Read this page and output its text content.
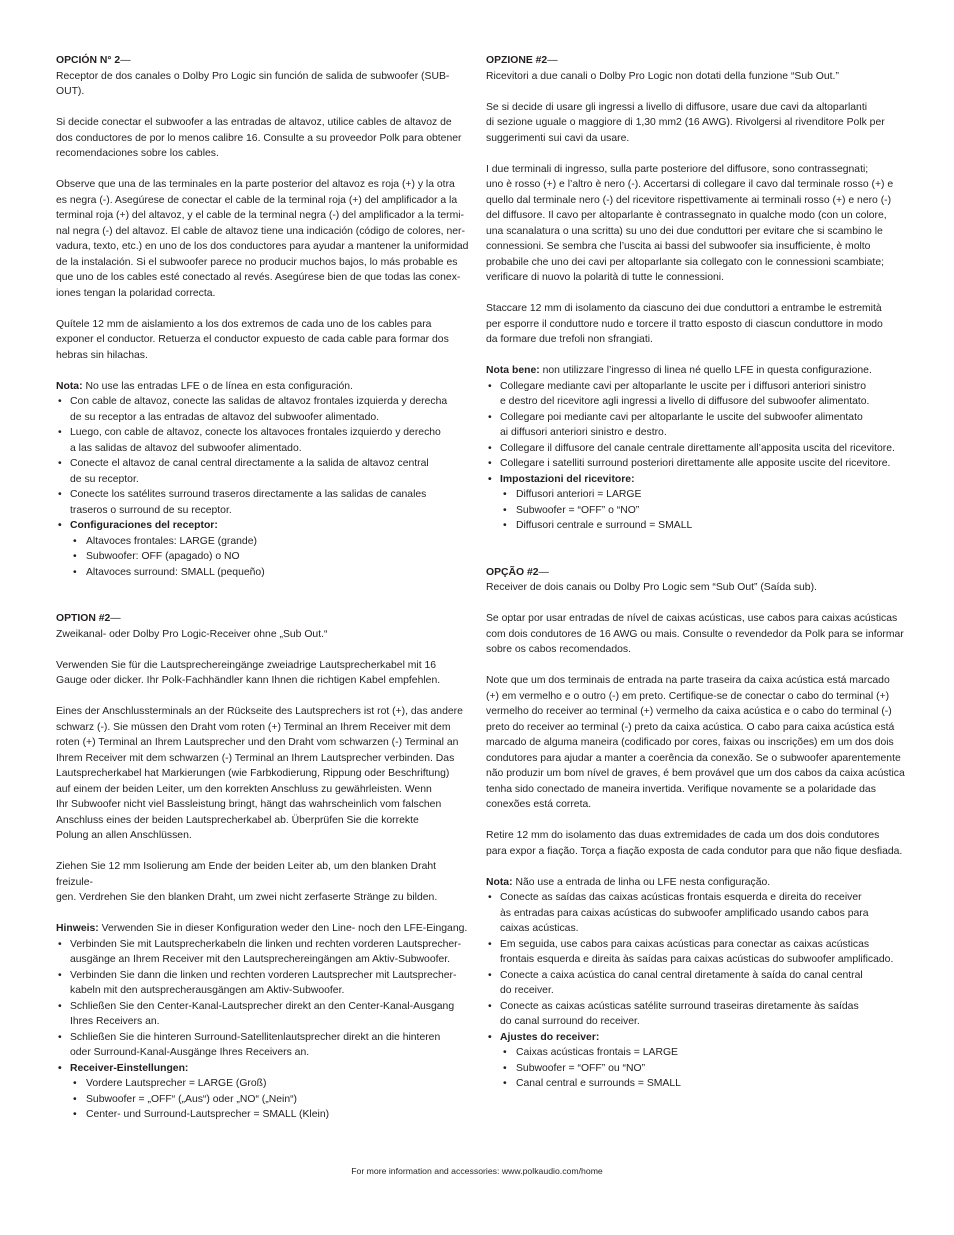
OPCIÓN N° 2—

Receptor de dos canales o Dolby Pro Logic sin función de salida de subwoofer (SUB-OUT).

Si decide conectar el subwoofer a las entradas de altavoz, utilice cables de altavoz de
dos conductores de por lo menos calibre 16. Consulte a su proveedor Polk para obtener
recomendaciones sobre los cables.

Observe que una de las terminales en la parte posterior del altavoz es roja (+) y la otra
es negra (-). Asegúrese de conectar el cable de la terminal roja (+) del amplificador a la
terminal roja (+) del altavoz, y el cable de la terminal negra (-) del amplificador a la termi-
nal negra (-) del altavoz. El cable de altavoz tiene una indicación (código de colores, ner-
vadura, texto, etc.) en uno de los dos conductores para ayudar a mantener la uniformidad
de la instalación. Si el subwoofer parece no producir muchos bajos, lo más probable es
que uno de los cables esté conectado al revés. Asegúrese bien de que todas las conex-
iones tengan la polaridad correcta.

Quítele 12 mm de aislamiento a los dos extremos de cada uno de los cables para
exponer el conductor. Retuerza el conductor expuesto de cada cable para formar dos
hebras sin hilachas.

Nota: No use las entradas LFE o de línea en esta configuración.

• Con cable de altavoz, conecte las salidas de altavoz frontales izquierda y derecha
de su receptor a las entradas de altavoz del subwoofer alimentado.
• Luego, con cable de altavoz, conecte los altavoces frontales izquierdo y derecho
a las salidas de altavoz del subwoofer alimentado.
• Conecte el altavoz de canal central directamente a la salida de altavoz central
de su receptor.
• Conecte los satélites surround traseros directamente a las salidas de canales
traseros o surround de su receptor.
• Configuraciones del receptor:
• Altavoces frontales: LARGE (grande)
• Subwoofer: OFF (apagado) o NO
• Altavoces surround: SMALL (pequeño)

OPTION #2—

Zweikanal- oder Dolby Pro Logic-Receiver ohne „Sub Out.“

Verwenden Sie für die Lautsprechereingänge zweiadrige Lautsprecherkabel mit 16
Gauge oder dicker. Ihr Polk-Fachhändler kann Ihnen die richtigen Kabel empfehlen.

Eines der Anschlussterminals an der Rückseite des Lautsprechers ist rot (+), das andere
schwarz (-). Sie müssen den Draht vom roten (+) Terminal an Ihrem Receiver mit dem
roten (+) Terminal an Ihrem Lautsprecher und den Draht vom schwarzen (-) Terminal an
Ihrem Receiver mit dem schwarzen (-) Terminal an Ihrem Lautsprecher verbinden. Das
Lautsprecherkabel hat Markierungen (wie Farbkodierung, Rippung oder Beschriftung)
auf einem der beiden Leiter, um den korrekten Anschluss zu gewährleisten. Wenn
Ihr Subwoofer nicht viel Bassleistung bringt, hängt das wahrscheinlich vom falschen
Anschluss eines der beiden Lautsprecherkabel ab. Überprüfen Sie die korrekte
Polung an allen Anschlüssen.

Ziehen Sie 12 mm Isolierung am Ende der beiden Leiter ab, um den blanken Draht freizule-
gen. Verdrehen Sie den blanken Draht, um zwei nicht zerfaserte Stränge zu bilden.

Hinweis: Verwenden Sie in dieser Konfiguration weder den Line- noch den LFE-Eingang.

• Verbinden Sie mit Lautsprecherkabeln die linken und rechten vorderen Lautsprecher-
ausgänge an Ihrem Receiver mit den Lautsprechereingängen am Aktiv-Subwoofer.
• Verbinden Sie dann die linken und rechten vorderen Lautsprecher mit Lautsprecher-
kabeln mit den autsprecherausgängen am Aktiv-Subwoofer.
• Schließen Sie den Center-Kanal-Lautsprecher direkt an den Center-Kanal-Ausgang
Ihres Receivers an.
• Schließen Sie die hinteren Surround-Satellitenlautsprecher direkt an die hinteren
oder Surround-Kanal-Ausgänge Ihres Receivers an.
• Receiver-Einstellungen:
• Vordere Lautsprecher = LARGE (Groß)
• Subwoofer = „OFF“ („Aus“) oder „NO“ („Nein“)
• Center- und Surround-Lautsprecher = SMALL (Klein)

OPZIONE #2—

Ricevitori a due canali o Dolby Pro Logic non dotati della funzione “Sub Out.”

Se si decide di usare gli ingressi a livello di diffusore, usare due cavi da altoparlanti
di sezione uguale o maggiore di 1,30 mm2 (16 AWG). Rivolgersi al rivenditore Polk per
suggerimenti sui cavi da usare.

I due terminali di ingresso, sulla parte posteriore del diffusore, sono contrassegnati;
uno è rosso (+) e l’altro è nero (-). Accertarsi di collegare il cavo dal terminale rosso (+) e
quello dal terminale nero (-) del ricevitore rispettivamente ai terminali rosso (+) e nero (-)
del diffusore. Il cavo per altoparlante è contrassegnato in qualche modo (con un colore,
una scanalatura o una scritta) su uno dei due conduttori per evitare che si scambino le
connessioni. Se sembra che l’uscita ai bassi del subwoofer sia insufficiente, è molto
probabile che uno dei cavi per altoparlante sia collegato con le connessioni scambiate;
verificare di nuovo la polarità di tutte le connessioni.

Staccare 12 mm di isolamento da ciascuno dei due conduttori a entrambe le estremità
per esporre il conduttore nudo e torcere il tratto esposto di ciascun conduttore in modo
da formare due trefoli non sfrangiati.

Nota bene: non utilizzare l’ingresso di linea né quello LFE in questa configurazione.

• Collegare mediante cavi per altoparlante le uscite per i diffusori anteriori sinistro
e destro del ricevitore agli ingressi a livello di diffusore del subwoofer alimentato.
• Collegare poi mediante cavi per altoparlante le uscite del subwoofer alimentato
ai diffusori anteriori sinistro e destro.
• Collegare il diffusore del canale centrale direttamente all’apposita uscita del ricevitore.
• Collegare i satelliti surround posteriori direttamente alle apposite uscite del ricevitore.
• Impostazioni del ricevitore:
• Diffusori anteriori = LARGE
• Subwoofer = “OFF” o “NO”
• Diffusori centrale e surround = SMALL

OPÇÃO #2—

Receiver de dois canais ou Dolby Pro Logic sem “Sub Out” (Saída sub).

Se optar por usar entradas de nível de caixas acústicas, use cabos para caixas acústicas
com dois condutores de 16 AWG ou mais. Consulte o revendedor da Polk para se informar
sobre os cabos recomendados.

Note que um dos terminais de entrada na parte traseira da caixa acústica está marcado
(+) em vermelho e o outro (-) em preto. Certifique-se de conectar o cabo do terminal (+)
vermelho do receiver ao terminal (+) vermelho da caixa acústica e o cabo do terminal (-)
preto do receiver ao terminal (-) preto da caixa acústica. O cabo para caixa acústica está
marcado de alguma maneira (codificado por cores, faixas ou inscrições) em um dos dois
condutores para ajudar a manter a coerência da conexão. Se o subwoofer aparentemente
não produzir um bom nível de graves, é bem provável que um dos cabos da caixa acústica
tenha sido conectado de maneira invertida. Verifique novamente se a polaridade das
conexões está correta.

Retire 12 mm do isolamento das duas extremidades de cada um dos dois condutores
para expor a fiação. Torça a fiação exposta de cada condutor para que não fique desfiada.

Nota: Não use a entrada de linha ou LFE nesta configuração.

• Conecte as saídas das caixas acústicas frontais esquerda e direita do receiver
às entradas para caixas acústicas do subwoofer amplificado usando cabos para
caixas acústicas.
• Em seguida, use cabos para caixas acústicas para conectar as caixas acústicas
frontais esquerda e direita às saídas para caixas acústicas do subwoofer amplificado.
• Conecte a caixa acústica do canal central diretamente à saída do canal central
do receiver.
• Conecte as caixas acústicas satélite surround traseiras diretamente às saídas
do canal surround do receiver.
• Ajustes do receiver:
• Caixas acústicas frontais = LARGE
• Subwoofer = “OFF” ou “NO”
• Canal central e surrounds = SMALL
For more information and accessories: www.polkaudio.com/home
